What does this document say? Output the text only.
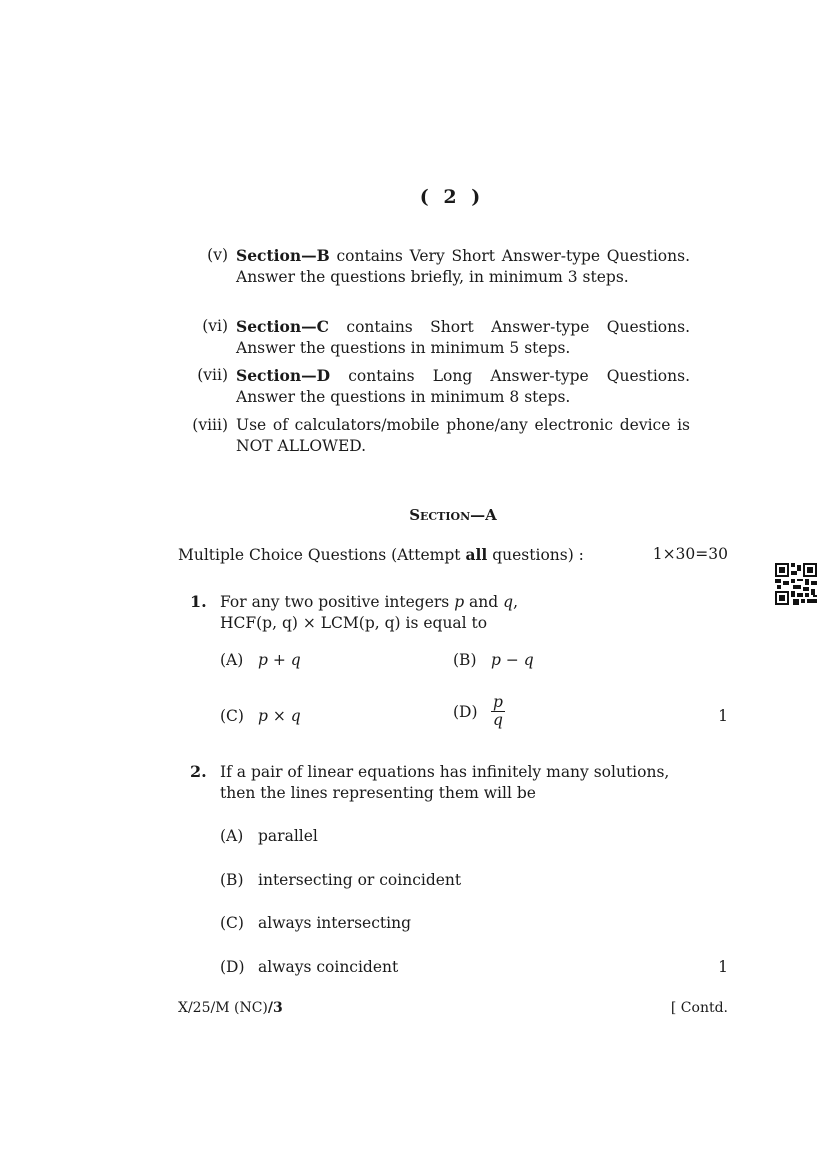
( 2 )
(v) Section—B contains Very Short Answer-type Questions. Answer the questions briefly, in minimum 3 steps.
(vi) Section—C contains Short Answer-type Questions. Answer the questions in minimum 5 steps.
(vii) Section—D contains Long Answer-type Questions. Answer the questions in minimum 8 steps.
(viii) Use of calculators/mobile phone/any electronic device is NOT ALLOWED.
Section—A
Multiple Choice Questions (Attempt all questions) :	1×30=30
1. For any two positive integers p and q,
HCF(p, q) × LCM(p, q) is equal to
(A) p + q	(B) p − q
(C) p × q	$(D) \frac{p}{q}$	1
2. If a pair of linear equations has infinitely many solutions, then the lines representing them will be
(A) parallel
(B) intersecting or coincident
(C) always intersecting
(D) always coincident	1
X/25/M (NC)/3	[ Contd.
